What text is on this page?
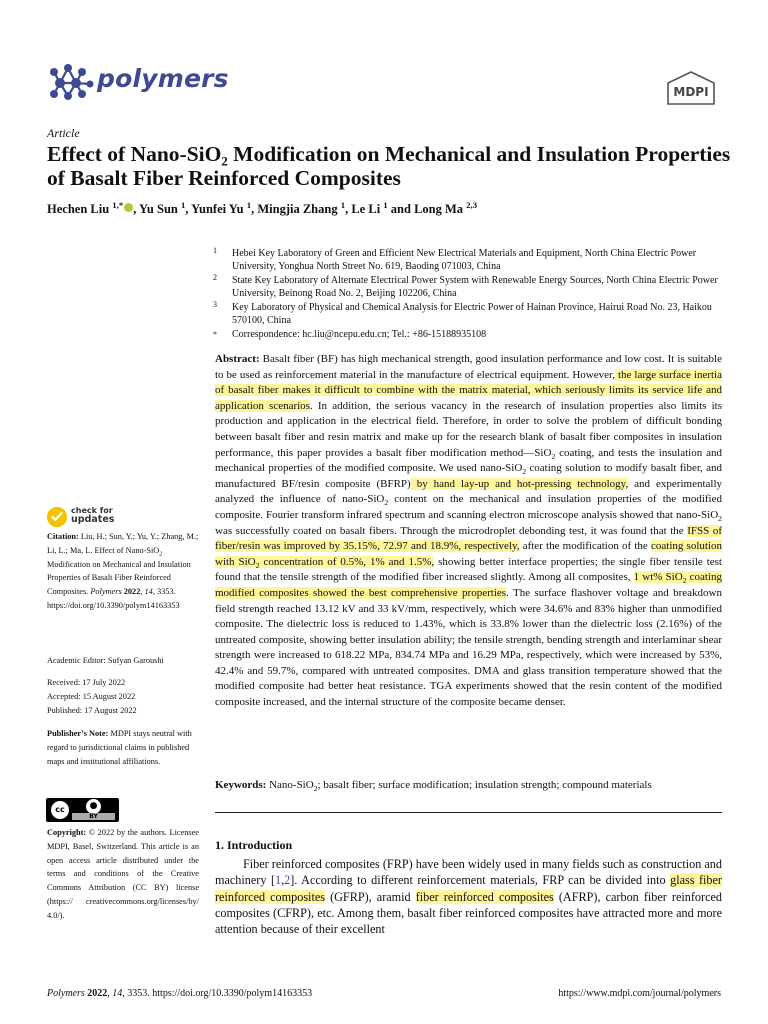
polymers	MDPI
Article
Effect of Nano-SiO₂ Modification on Mechanical and Insulation Properties of Basalt Fiber Reinforced Composites
Hechen Liu $^{1,*}$ , Yu Sun $^1$, Yunfei Yu $^1$, Mingjia Zhang $^1$, Le Li $^1$ and Long Ma $^{2,3}$
1 Hebei Key Laboratory of Green and Efficient New Electrical Materials and Equipment, North China Electric Power University, Yonghua North Street No. 619, Baoding 071003, China
2 State Key Laboratory of Alternate Electrical Power System with Renewable Energy Sources, North China Electric Power University, Beinong Road No. 2, Beijing 102206, China
3 Key Laboratory of Physical and Chemical Analysis for Electric Power of Hainan Province, Hairui Road No. 23, Haikou 570100, China
* Correspondence: hc.liu@ncepu.edu.cn; Tel.: +86-15188935108
Abstract: Basalt fiber (BF) has high mechanical strength, good insulation performance and low cost. It is suitable to be used as reinforcement material in the manufacture of electrical equipment. However, the large surface inertia of basalt fiber makes it difficult to combine with the matrix material, which seriously limits its service life and application scenarios. In addition, the serious vacancy in the research of insulation properties also limits its production and application in the electrical field. Therefore, in order to solve the problem of difficult bonding between basalt fiber and resin matrix and make up for the research blank of basalt fiber composites in insulation performance, this paper provides a basalt fiber modification method—SiO$_2$ coating, and tests the insulation and mechanical properties of the modified composite. We used nano-SiO$_2$ coating solution to modify basalt fiber, and manufactured BF/resin composite (BFRP) by hand lay-up and hot-pressing technology, and experimentally analyzed the influence of nano-SiO$_2$ content on the mechanical and insulation properties of the modified composite. Fourier transform infrared spectrum and scanning electron microscope analysis showed that nano-SiO$_2$ was successfully coated on basalt fibers. Through the microdroplet debonding test, it was found that the IFSS of fiber/resin was improved by 35.15%, 72.97 and 18.9%, respectively, after the modification of the coating solution with SiO$_2$ concentration of 0.5%, 1% and 1.5%, showing better interface properties; the single fiber tensile test found that the tensile strength of the modified fiber increased slightly. Among all composites, 1 wt% SiO$_2$ coating modified composites showed the best comprehensive properties. The surface flashover voltage and breakdown field strength reached 13.12 kV and 33 kV/mm, respectively, which were 34.6% and 83% higher than unmodified composite. The dielectric loss is reduced to 1.43%, which is 33.8% lower than the dielectric loss (2.16%) of the untreated composite, showing better insulation ability; the tensile strength, bending strength and interlaminar shear strength were increased to 618.22 MPa, 834.74 MPa and 16.29 MPa, respectively, which were increased by 53%, 42.4% and 59.7%, compared with untreated composites. DMA and glass transition temperature showed that the modified composite had better heat resistance. TGA experiments showed that the resin content of the modified composite increased, and the internal structure of the composite became denser.
Keywords: Nano-SiO$_2$; basalt fiber; surface modification; insulation strength; compound materials
1. Introduction
Fiber reinforced composites (FRP) have been widely used in many fields such as construction and machinery [1,2]. According to different reinforcement materials, FRP can be divided into glass fiber reinforced composites (GFRP), aramid fiber reinforced composites (AFRP), carbon fiber reinforced composites (CFRP), etc. Among them, basalt fiber reinforced composites have attracted more and more attention because of their excellent
check for
updates
Citation: Liu, H.; Sun, Y.; Yu, Y.; Zhang, M.; Li, L.; Ma, L. Effect of Nano-SiO$_2$ Modification on Mechanical and Insulation Properties of Basalt Fiber Reinforced Composites. Polymers 2022, 14, 3353. https://doi.org/10.3390/polym14163353
Academic Editor: Sufyan Garoushi
Received: 17 July 2022
Accepted: 15 August 2022
Published: 17 August 2022
Publisher’s Note: MDPI stays neutral with regard to jurisdictional claims in published maps and institutional affiliations.
cc	●
BY
Copyright: © 2022 by the authors. Licensee MDPI, Basel, Switzerland. This article is an open access article distributed under the terms and conditions of the Creative Commons Attribution (CC BY) license (https:// creativecommons.org/licenses/by/ 4.0/).
Polymers 2022, 14, 3353. https://doi.org/10.3390/polym14163353	https://www.mdpi.com/journal/polymers
